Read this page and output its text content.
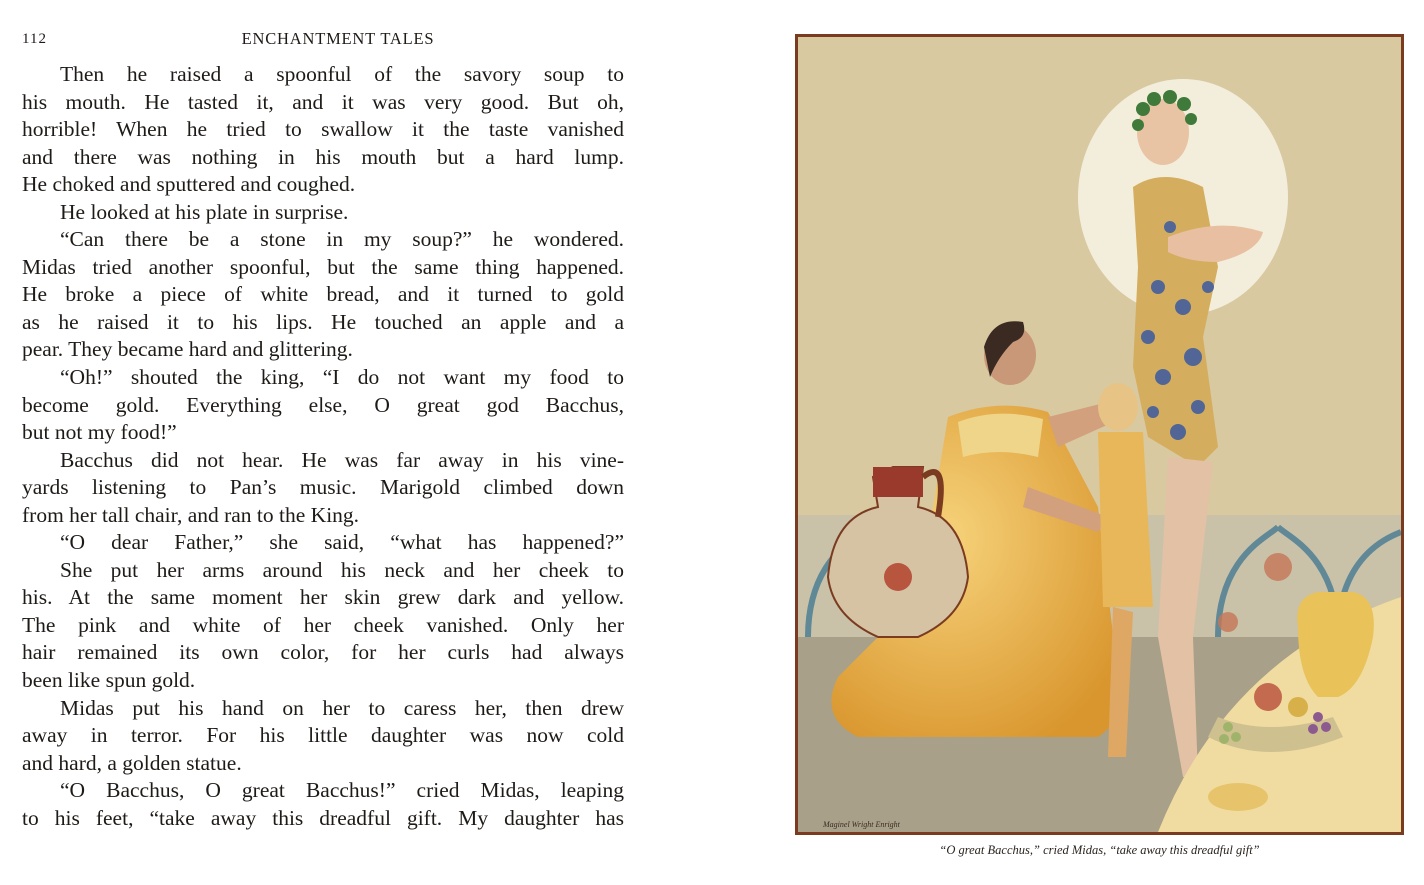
112	ENCHANTMENT TALES
Then he raised a spoonful of the savory soup to
his mouth. He tasted it, and it was very good. But oh,
horrible! When he tried to swallow it the taste vanished
and there was nothing in his mouth but a hard lump.
He choked and sputtered and coughed.
He looked at his plate in surprise.
“Can there be a stone in my soup?” he wondered.
Midas tried another spoonful, but the same thing happened.
He broke a piece of white bread, and it turned to gold
as he raised it to his lips. He touched an apple and a
pear. They became hard and glittering.
“Oh!” shouted the king, “I do not want my food to
become gold. Everything else, O great god Bacchus,
but not my food!”
Bacchus did not hear. He was far away in his vine-
yards listening to Pan’s music. Marigold climbed down
from her tall chair, and ran to the King.
“O dear Father,” she said, “what has happened?”
She put her arms around his neck and her cheek to
his. At the same moment her skin grew dark and yellow.
The pink and white of her cheek vanished. Only her
hair remained its own color, for her curls had always
been like spun gold.
Midas put his hand on her to caress her, then drew
away in terror. For his little daughter was now cold
and hard, a golden statue.
“O Bacchus, O great Bacchus!” cried Midas, leaping
to his feet, “take away this dreadful gift. My daughter has	Maginel Wright Enright
“O great Bacchus,” cried Midas, “take away this dreadful gift”
